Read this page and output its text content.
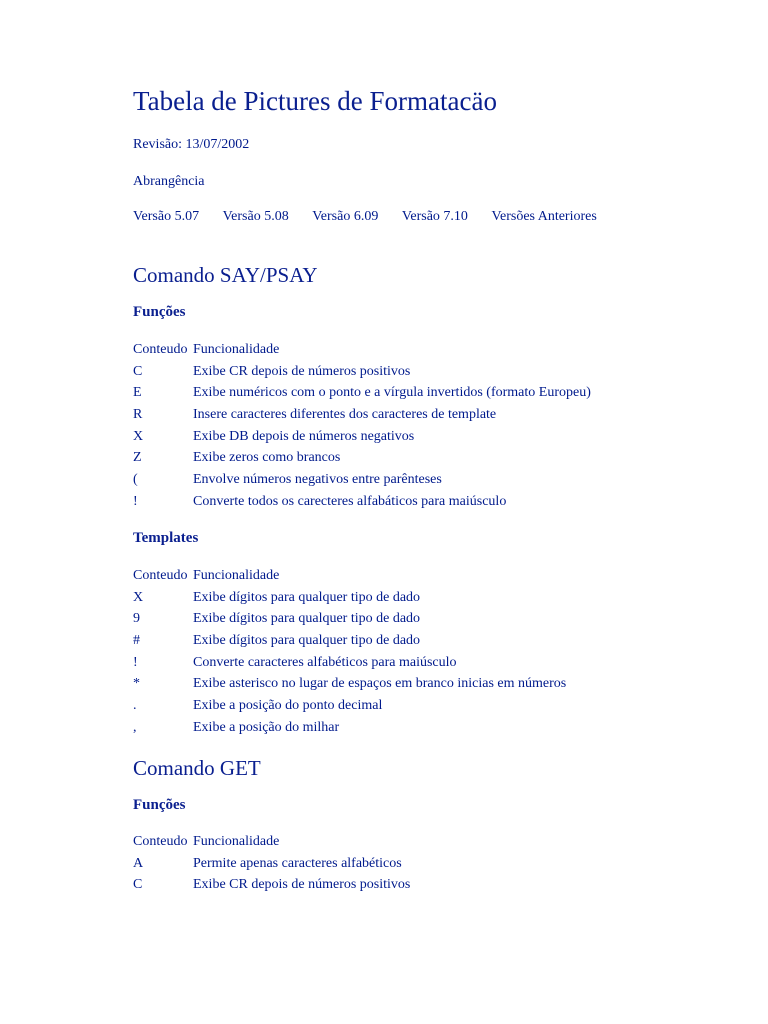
Tabela de Pictures de Formatacäo

Revisão: 13/07/2002

Abrangência

Versão 5.07 Versão 5.08 Versão 6.09 Versão 7.10 Versões Anteriores
Comando SAY/PSAY
Funções
Conteudo	Funcionalidade
C	Exibe CR depois de números positivos
E	Exibe numéricos com o ponto e a vírgula invertidos (formato Europeu)
R	Insere caracteres diferentes dos caracteres de template
X	Exibe DB depois de números negativos
Z	Exibe zeros como brancos
(	Envolve números negativos entre parênteses
!	Converte todos os carecteres alfabáticos para maiúsculo
Templates
Conteudo	Funcionalidade
X	Exibe dígitos para qualquer tipo de dado
9	Exibe dígitos para qualquer tipo de dado
#	Exibe dígitos para qualquer tipo de dado
!	Converte caracteres alfabéticos para maiúsculo
*	Exibe asterisco no lugar de espaços em branco inicias em números
.	Exibe a posição do ponto decimal
,	Exibe a posição do milhar
Comando GET
Funções
Conteudo	Funcionalidade
A	Permite apenas caracteres alfabéticos
C	Exibe CR depois de números positivos
